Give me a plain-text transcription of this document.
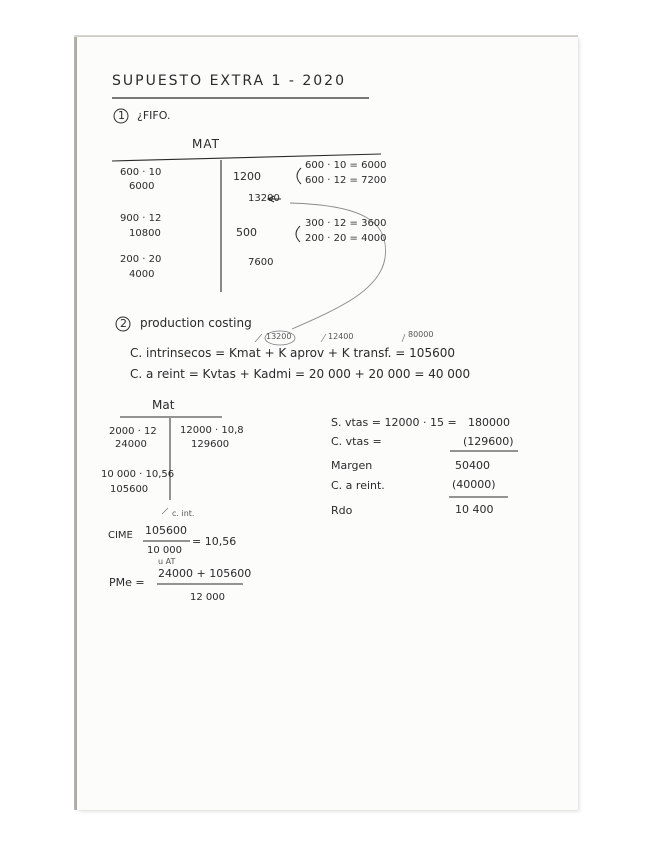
SUPUESTO EXTRA 1 - 2020
1 ¿FIFO.
MAT
600 · 10
6000
900 · 12
10800
200 · 20
4000
1200
600 · 10 = 6000
600 · 12 = 7200
13200
500
300 · 12 = 3600
200 · 20 = 4000
7600
2 production costing
13200	12400	80000
C. intrinsecos = Kmat + K aprov + K transf. = 105600
C. a reint = Kvtas + Kadmi = 20 000 + 20 000 = 40 000
Mat
2000 · 12
24000
10 000 · 10,56
105600
12000 · 10,8
129600
c. int.
CIME 105600
10 000
u AT
= 10,56
PMe =
24000 + 105600
12 000
S. vtas = 12000 · 15 = 180000
C. vtas =	(129600)
Margen	50400
C. a reint.	(40000)
Rdo	10 400
